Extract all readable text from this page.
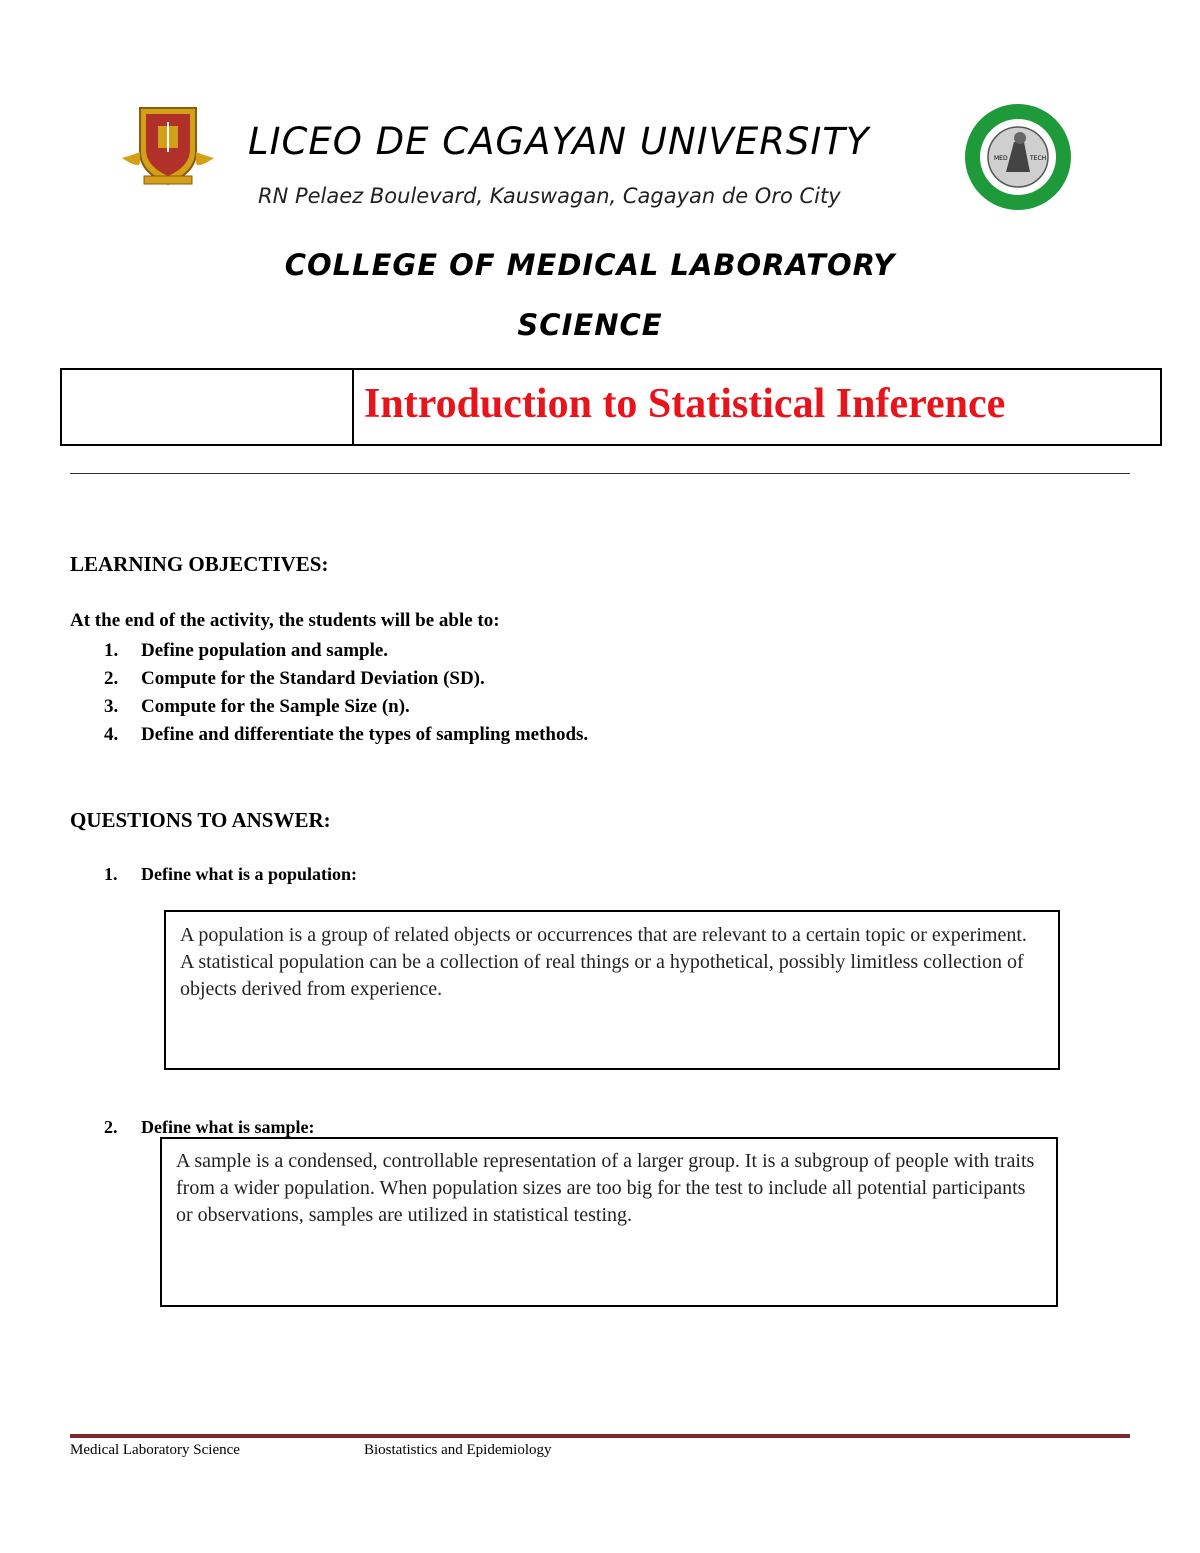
LICEO DE CAGAYAN UNIVERSITY
RN Pelaez Boulevard, Kauswagan, Cagayan de Oro City
MED	TECH
COLLEGE OF MEDICAL LABORATORY
SCIENCE
Introduction to Statistical Inference
LEARNING OBJECTIVES:
At the end of the activity, the students will be able to:
1. Define population and sample.
2. Compute for the Standard Deviation (SD).
3. Compute for the Sample Size (n).
4. Define and differentiate the types of sampling methods.
QUESTIONS TO ANSWER:
1. Define what is a population:
A population is a group of related objects or occurrences that are relevant to a certain topic or experiment. A statistical population can be a collection of real things or a hypothetical, possibly limitless collection of objects derived from experience.
2. Define what is sample:
A sample is a condensed, controllable representation of a larger group. It is a subgroup of people with traits from a wider population. When population sizes are too big for the test to include all potential participants or observations, samples are utilized in statistical testing.
Medical Laboratory Science	Biostatistics and Epidemiology
